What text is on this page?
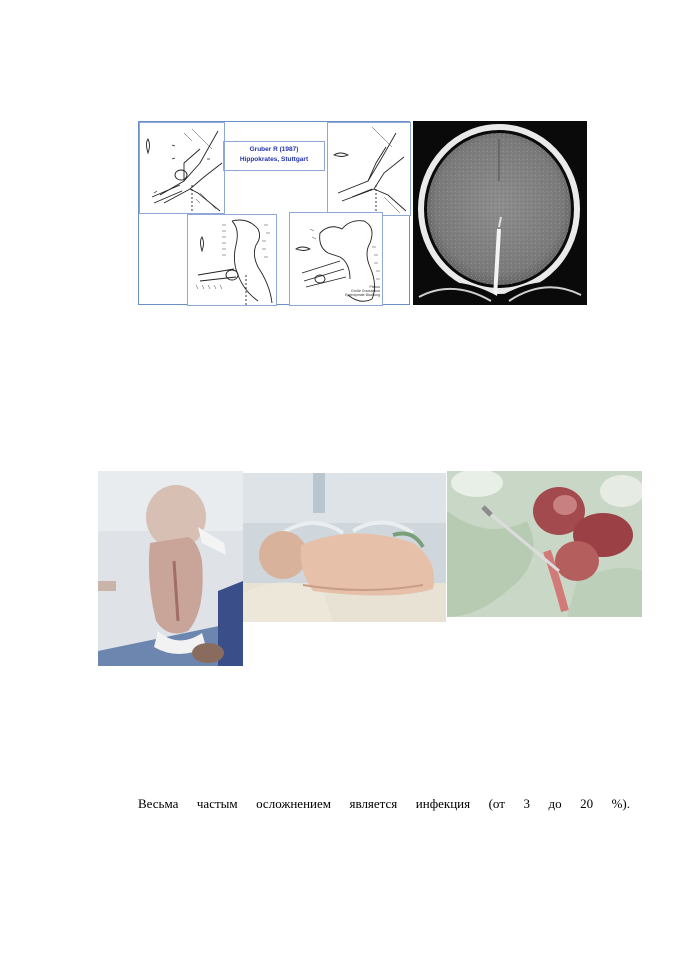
Gruber R (1987)
Hippokrates, Stuttgart
Plexus
Große Granulation
Ependymale Blockung
Весьма частым осложнением является инфекция (от 3 до 20 %).
